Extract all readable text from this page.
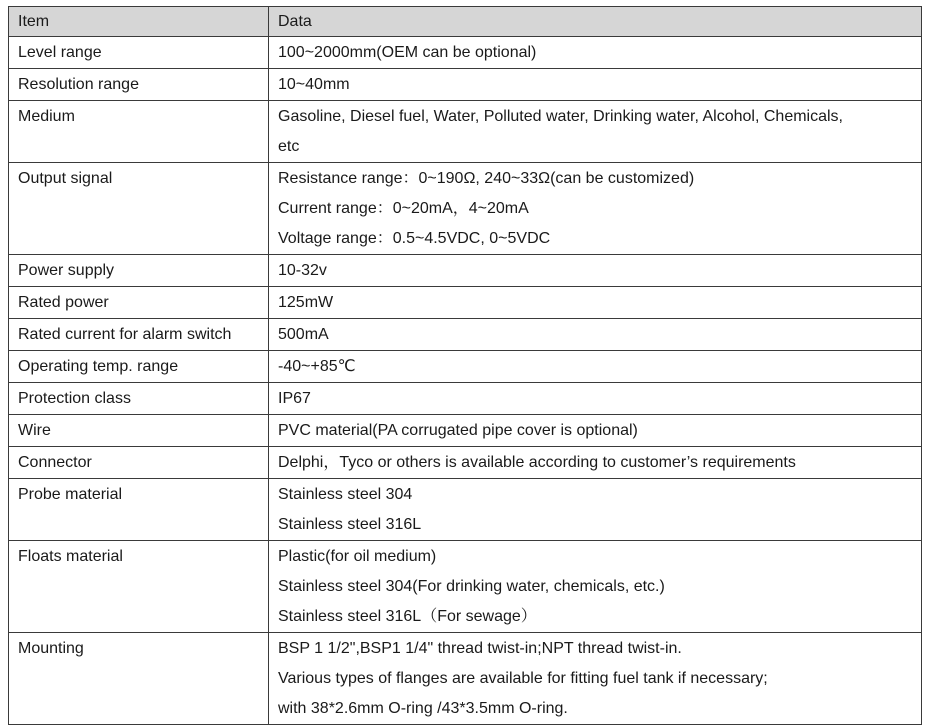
Item	Data
Level range	100~2000mm(OEM can be optional)

Resolution range	10~40mm

Medium	Gasoline, Diesel fuel, Water, Polluted water, Drinking water, Alcohol, Chemicals,
etc

Output signal	Resistance range：0~190Ω, 240~33Ω(can be customized)
Current range：0~20mA，4~20mA
Voltage range：0.5~4.5VDC, 0~5VDC

Power supply	10-32v

Rated power	125mW

Rated current for alarm switch	500mA

Operating temp. range	-40~+85℃

Protection class	IP67

Wire	PVC material(PA corrugated pipe cover is optional)

Connector	Delphi，Tyco or others is available according to customer’s requirements

Probe material	Stainless steel 304
Stainless steel 316L

Floats material	Plastic(for oil medium)
Stainless steel 304(For drinking water, chemicals, etc.)
Stainless steel 316L（For sewage）

Mounting	BSP 1 1/2",BSP1 1/4" thread twist-in;NPT thread twist-in.
Various types of flanges are available for fitting fuel tank if necessary;
with 38*2.6mm O-ring /43*3.5mm O-ring.
